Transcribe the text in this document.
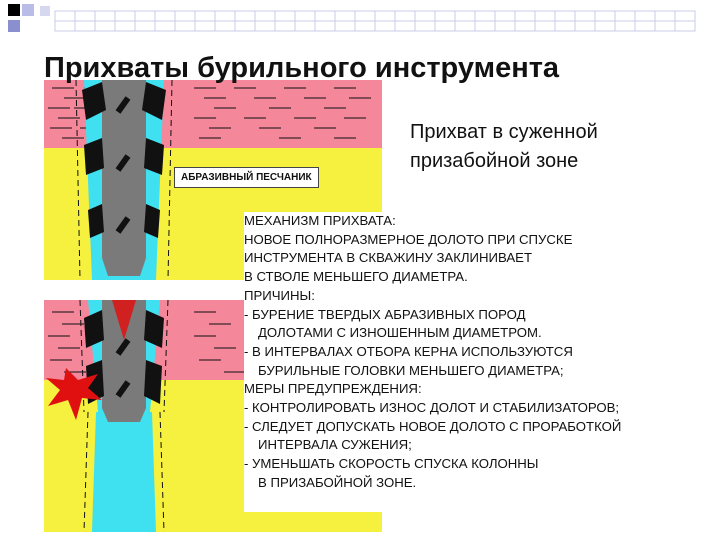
АБРАЗИВНЫЙ ПЕСЧАНИК
Прихваты бурильного инструмента
Прихват в суженной
призабойной зоне
МЕХАНИЗМ ПРИХВАТА:
НОВОЕ ПОЛНОРАЗМЕРНОЕ ДОЛОТО ПРИ СПУСКЕ
ИНСТРУМЕНТА В СКВАЖИНУ ЗАКЛИНИВАЕТ
В СТВОЛЕ МЕНЬШЕГО ДИАМЕТРА.
ПРИЧИНЫ:
- БУРЕНИЕ ТВЕРДЫХ АБРАЗИВНЫХ ПОРОД
ДОЛОТАМИ С ИЗНОШЕННЫМ ДИАМЕТРОМ.
- В ИНТЕРВАЛАХ ОТБОРА КЕРНА ИСПОЛЬЗУЮТСЯ
БУРИЛЬНЫЕ ГОЛОВКИ МЕНЬШЕГО ДИАМЕТРА;
МЕРЫ ПРЕДУПРЕЖДЕНИЯ:
- КОНТРОЛИРОВАТЬ ИЗНОС ДОЛОТ И СТАБИЛИЗАТОРОВ;
- СЛЕДУЕТ ДОПУСКАТЬ НОВОЕ ДОЛОТО С ПРОРАБОТКОЙ
ИНТЕРВАЛА СУЖЕНИЯ;
- УМЕНЬШАТЬ СКОРОСТЬ СПУСКА КОЛОННЫ
В ПРИЗАБОЙНОЙ ЗОНЕ.
